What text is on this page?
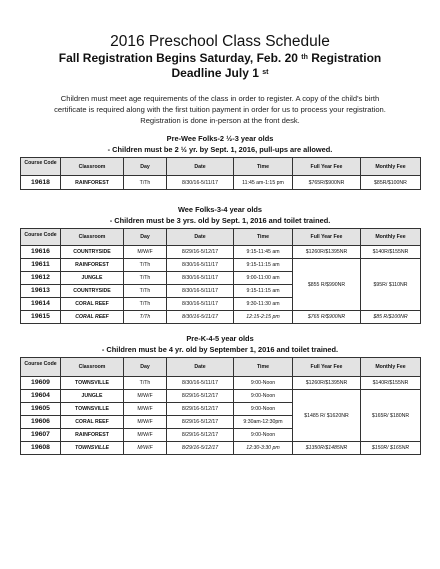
2016 Preschool Class Schedule
Fall Registration Begins Saturday, Feb. 20 $^{th}$ Registration
Deadline July 1 $^{st}$

Children must meet age requirements of the class in order to register. A copy of the child's birth certificate is required along with the first tuition payment in order for us to process your registration. Registration is done in-person at the front desk.

Pre-Wee Folks-2 ½-3 year olds
- Children must be 2 ½ yr. by Sept. 1, 2016, pull-ups are allowed.
Course Code	Classroom	Day	Date	Time	Full Year Fee	Monthly Fee
19618	RAINFOREST	T/Th	8/30/16-5/11/17	11:45 am-1:15 pm	$765R/$900NR	$85R/$100NR
Wee Folks-3-4 year olds
- Children must be 3 yrs. old by Sept. 1, 2016 and toilet trained.
Course Code	Classroom	Day	Date	Time	Full Year Fee	Monthly Fee
19616	COUNTRYSIDE	M/W/F	8/29/16-5/12/17	9:15-11:45 am	$1260R/$1395NR	$140R/$155NR
19611	RAINFOREST	T/Th	8/30/16-5/11/17	9:15-11:15 am	$855 R/$990NR	$95R/ $110NR
19612	JUNGLE	T/Th	8/30/16-5/11/17	9:00-11:00 am		
19613	COUNTRYSIDE	T/Th	8/30/16-5/11/17	9:15-11:15 am		
19614	CORAL REEF	T/Th	8/30/16-5/11/17	9:30-11:30 am		
19615	CORAL REEF	T/Th	8/30/16-5/11/17	12:15-2:15 pm	$765 R/$900NR	$85 R/$100NR
Pre-K-4-5 year olds
- Children must be 4 yr. old by September 1, 2016 and toilet trained.
Course Code	Classroom	Day	Date	Time	Full Year Fee	Monthly Fee
19609	TOWNSVILLE	T/Th	8/30/16-5/11/17	9:00-Noon	$1260R/$1395NR	$140R/$155NR
19604	JUNGLE	M/W/F	8/29/16-5/12/17	9:00-Noon	$1485 R/ $1620NR	$165R/ $180NR
19605	TOWNSVILLE	M/W/F	8/29/16-5/12/17	9:00-Noon		
19606	CORAL REEF	M/W/F	8/29/16-5/12/17	9:30am-12:30pm		
19607	RAINFOREST	M/W/F	8/29/16-5/12/17	9:00-Noon		
19608	TOWNSVILLE	M/W/F	8/29/16-5/12/17	12:30-3:30 pm	$1350R/$1485NR	$150R/ $165NR
